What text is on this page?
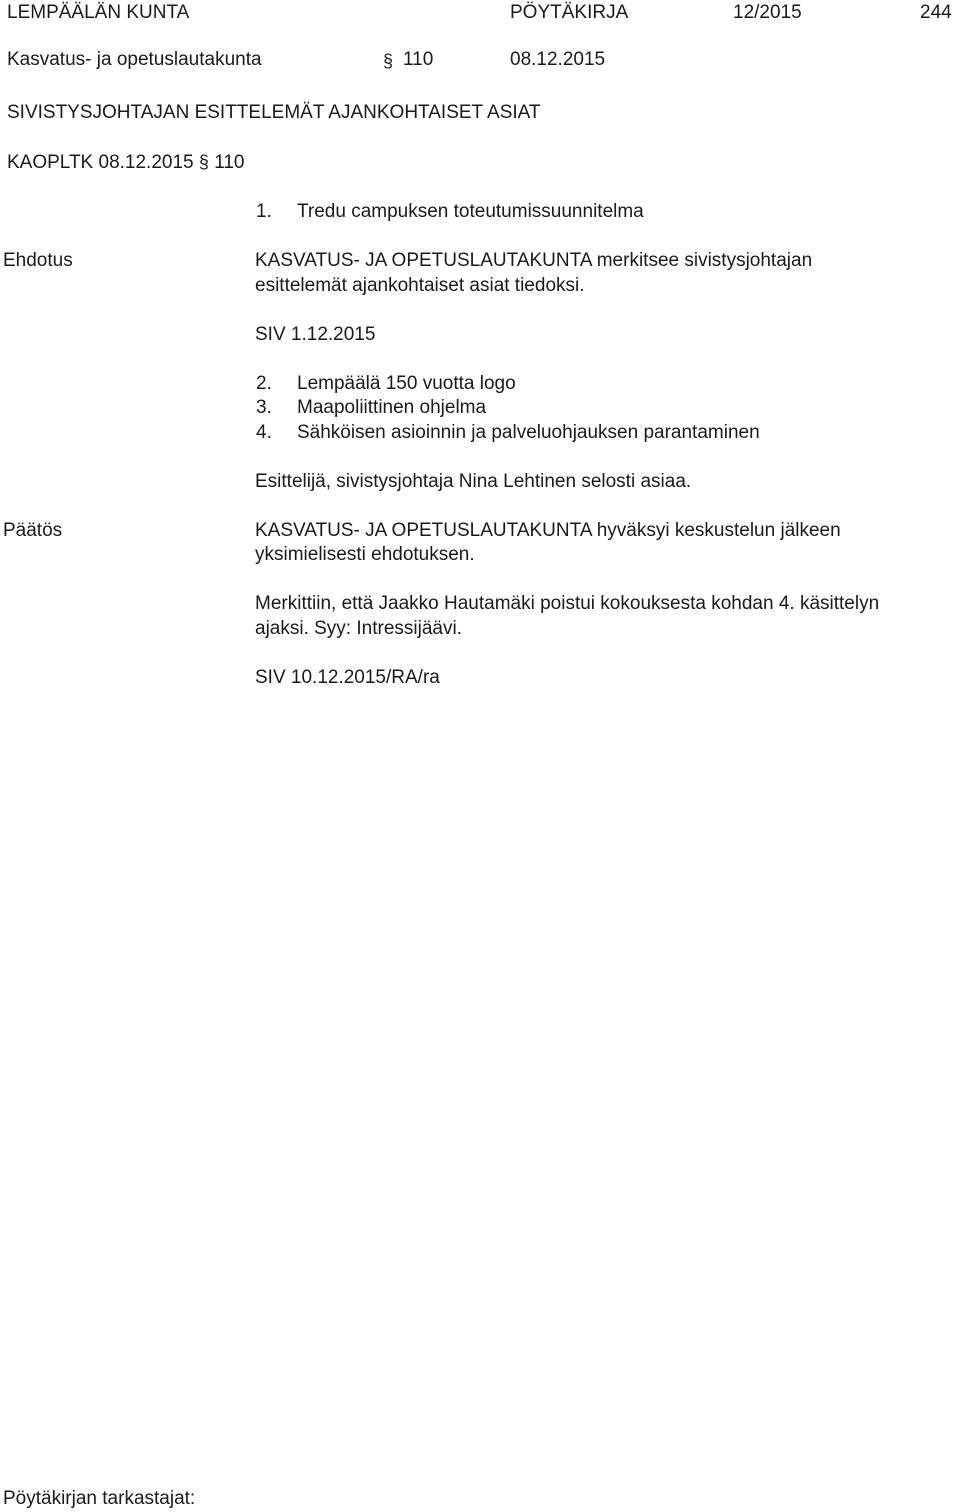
LEMPÄÄLÄN KUNTA	PÖYTÄKIRJA	12/2015	244
Kasvatus- ja opetuslautakunta	§ 110	08.12.2015
SIVISTYSJOHTAJAN ESITTELEMÄT AJANKOHTAISET ASIAT
KAOPLTK 08.12.2015 § 110
1. Tredu campuksen toteutumissuunnitelma
Ehdotus	KASVATUS- JA OPETUSLAUTAKUNTA merkitsee sivistysjohtajan
esittelemät ajankohtaiset asiat tiedoksi.
SIV 1.12.2015
2. Lempäälä 150 vuotta logo
3. Maapoliittinen ohjelma
4. Sähköisen asioinnin ja palveluohjauksen parantaminen
Esittelijä, sivistysjohtaja Nina Lehtinen selosti asiaa.
Päätös	KASVATUS- JA OPETUSLAUTAKUNTA hyväksyi keskustelun jälkeen
yksimielisesti ehdotuksen.
Merkittiin, että Jaakko Hautamäki poistui kokouksesta kohdan 4. käsittelyn
ajaksi. Syy: Intressijäävi.
SIV 10.12.2015/RA/ra
Pöytäkirjan tarkastajat:
